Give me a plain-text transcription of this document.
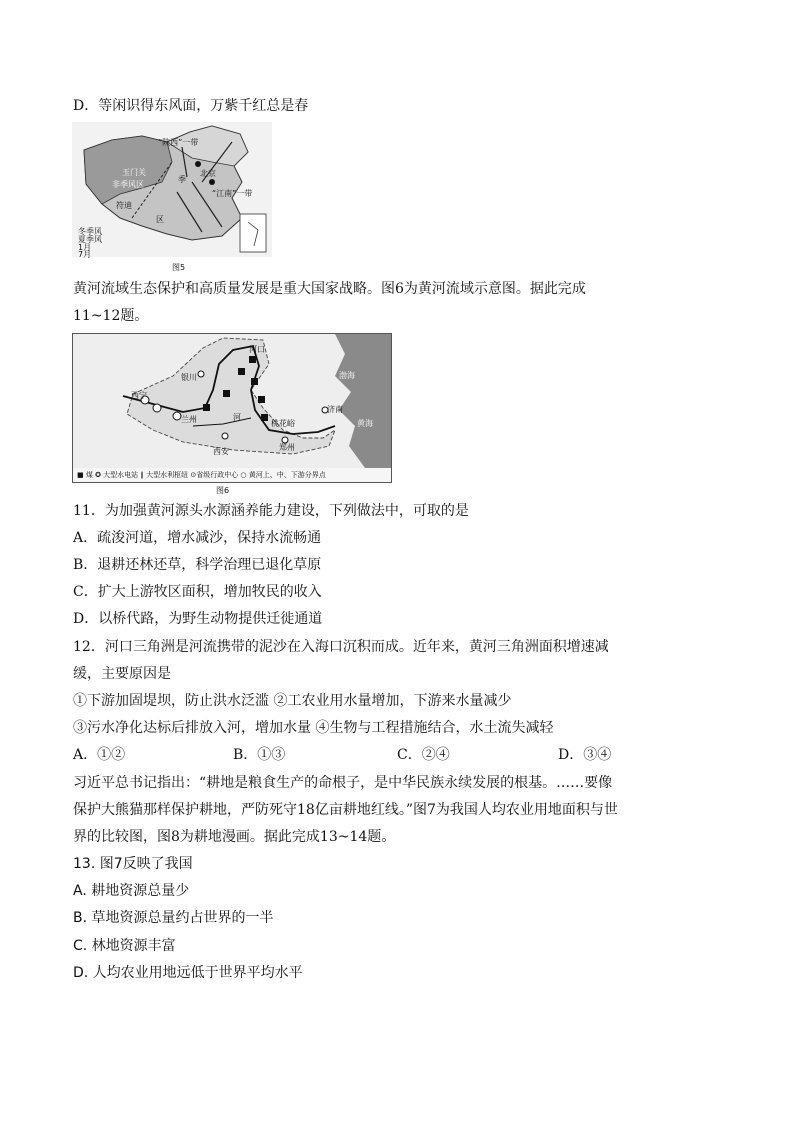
D．等闲识得东风面，万紫千红总是春
“陕西”一带
“江南”一带
玉门关
非季风区
符迪
季
区
北京
冬季风
夏季风
1月
7月
图5
黄河流域生态保护和高质量发展是重大国家战略。图6为黄河流域示意图。据此完成
11~12题。
渤海
黄海
济南
郑州
西安
兰州
西宁
银川
桃花峪
河口
河
■ 煤 ✪ 大型水电站 ∥ 大型水利枢纽 ⊙省级行政中心 ○ 黄河上、中、下游分界点
图6
11．为加强黄河源头水源涵养能力建设，下列做法中，可取的是
A．疏浚河道，增水减沙，保持水流畅通
B．退耕还林还草，科学治理已退化草原
C．扩大上游牧区面积，增加牧民的收入
D．以桥代路，为野生动物提供迁徙通道
12．河口三角洲是河流携带的泥沙在入海口沉积而成。近年来，黄河三角洲面积增速减
缓，主要原因是
①下游加固堤坝，防止洪水泛滥 ②工农业用水量增加，下游来水量减少
③污水净化达标后排放入河，增加水量 ④生物与工程措施结合，水土流失减轻
A．①②	B．①③	C．②④	D．③④
习近平总书记指出：“耕地是粮食生产的命根子，是中华民族永续发展的根基。……要像
保护大熊猫那样保护耕地，严防死守18亿亩耕地红线。”图7为我国人均农业用地面积与世
界的比较图，图8为耕地漫画。据此完成13~14题。
13. 图7反映了我国
A. 耕地资源总量少
B. 草地资源总量约占世界的一半
C. 林地资源丰富
D. 人均农业用地远低于世界平均水平
